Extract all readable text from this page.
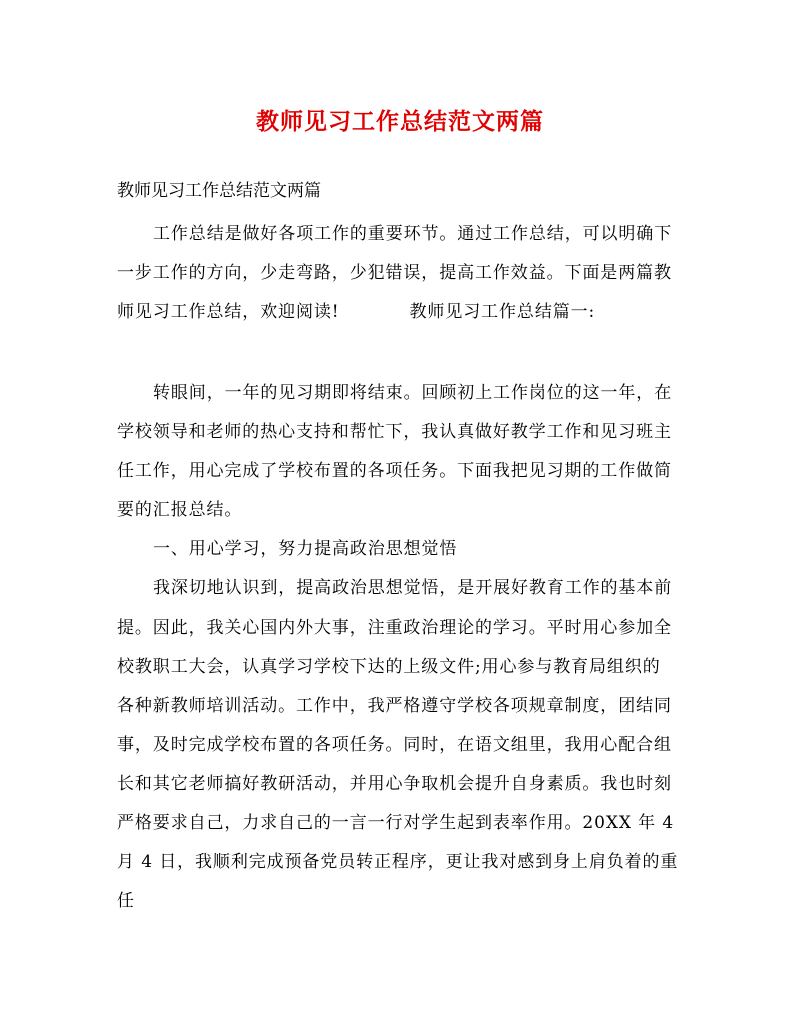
教师见习工作总结范文两篇
教师见习工作总结范文两篇
工作总结是做好各项工作的重要环节。通过工作总结，可以明确下
一步工作的方向，少走弯路，少犯错误，提高工作效益。下面是两篇教
师见习工作总结，欢迎阅读!	教师见习工作总结篇一:
转眼间，一年的见习期即将结束。回顾初上工作岗位的这一年，在
学校领导和老师的热心支持和帮忙下，我认真做好教学工作和见习班主
任工作，用心完成了学校布置的各项任务。下面我把见习期的工作做简
要的汇报总结。
一、用心学习，努力提高政治思想觉悟
我深切地认识到，提高政治思想觉悟，是开展好教育工作的基本前
提。因此，我关心国内外大事，注重政治理论的学习。平时用心参加全
校教职工大会，认真学习学校下达的上级文件;用心参与教育局组织的
各种新教师培训活动。工作中，我严格遵守学校各项规章制度，团结同
事，及时完成学校布置的各项任务。同时，在语文组里，我用心配合组
长和其它老师搞好教研活动，并用心争取机会提升自身素质。我也时刻
严格要求自己，力求自己的一言一行对学生起到表率作用。20XX 年 4
月 4 日，我顺利完成预备党员转正程序，更让我对感到身上肩负着的重
任
